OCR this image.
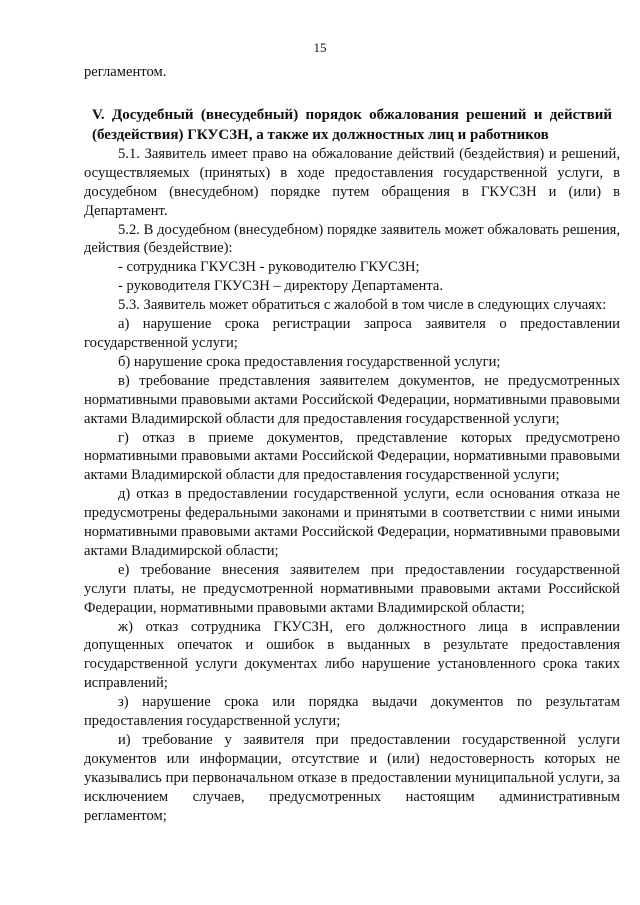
15

регламентом.

V. Досудебный (внесудебный) порядок обжалования решений и действий (бездействия) ГКУСЗН, а также их должностных лиц и работников

5.1. Заявитель имеет право на обжалование действий (бездействия) и решений, осуществляемых (принятых) в ходе предоставления государственной услуги, в досудебном (внесудебном) порядке путем обращения в ГКУСЗН и (или) в Департамент.

5.2. В досудебном (внесудебном) порядке заявитель может обжаловать решения, действия (бездействие):

- сотрудника ГКУСЗН - руководителю ГКУСЗН;

- руководителя ГКУСЗН – директору Департамента.

5.3. Заявитель может обратиться с жалобой в том числе в следующих случаях:

а) нарушение срока регистрации запроса заявителя о предоставлении государственной услуги;

б) нарушение срока предоставления государственной услуги;

в) требование представления заявителем документов, не предусмотренных нормативными правовыми актами Российской Федерации, нормативными правовыми актами Владимирской области для предоставления государственной услуги;

г) отказ в приеме документов, представление которых предусмотрено нормативными правовыми актами Российской Федерации, нормативными правовыми актами Владимирской области для предоставления государственной услуги;

д) отказ в предоставлении государственной услуги, если основания отказа не предусмотрены федеральными законами и принятыми в соответствии с ними иными нормативными правовыми актами Российской Федерации, нормативными правовыми актами Владимирской области;

е) требование внесения заявителем при предоставлении государственной услуги платы, не предусмотренной нормативными правовыми актами Российской Федерации, нормативными правовыми актами Владимирской области;

ж) отказ сотрудника ГКУСЗН, его должностного лица в исправлении допущенных опечаток и ошибок в выданных в результате предоставления государственной услуги документах либо нарушение установленного срока таких исправлений;

з) нарушение срока или порядка выдачи документов по результатам предоставления государственной услуги;

и) требование у заявителя при предоставлении государственной услуги документов или информации, отсутствие и (или) недостоверность которых не указывались при первоначальном отказе в предоставлении муниципальной услуги, за исключением случаев, предусмотренных настоящим административным регламентом;
